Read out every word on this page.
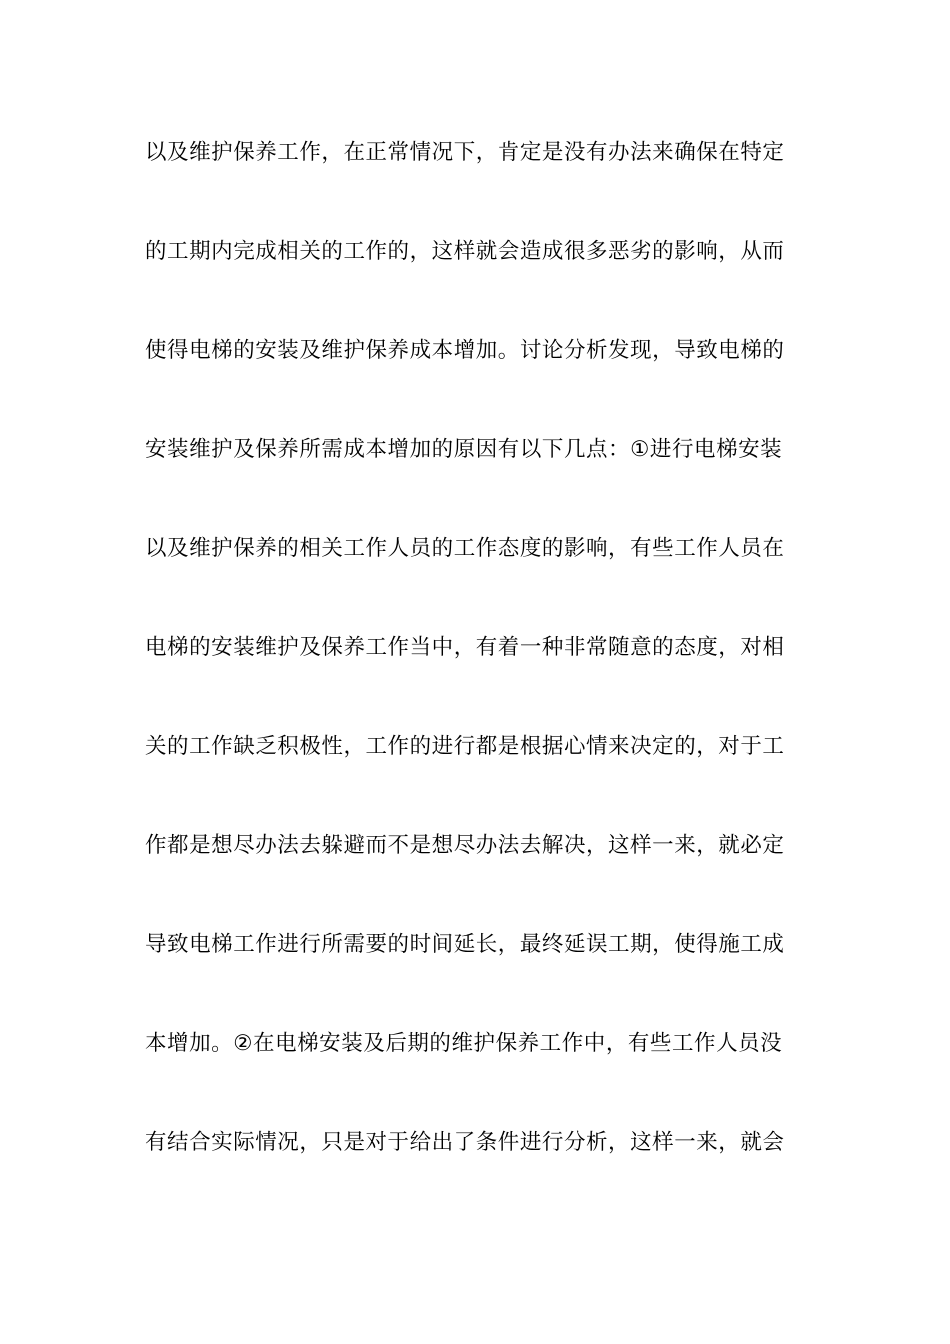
以及维护保养工作，在正常情况下，肯定是没有办法来确保在特定
的工期内完成相关的工作的，这样就会造成很多恶劣的影响，从而
使得电梯的安装及维护保养成本增加。讨论分析发现，导致电梯的
安装维护及保养所需成本增加的原因有以下几点：①进行电梯安装
以及维护保养的相关工作人员的工作态度的影响，有些工作人员在
电梯的安装维护及保养工作当中，有着一种非常随意的态度，对相
关的工作缺乏积极性，工作的进行都是根据心情来决定的，对于工
作都是想尽办法去躲避而不是想尽办法去解决，这样一来，就必定
导致电梯工作进行所需要的时间延长，最终延误工期，使得施工成
本增加。②在电梯安装及后期的维护保养工作中，有些工作人员没
有结合实际情况，只是对于给出了条件进行分析，这样一来，就会
